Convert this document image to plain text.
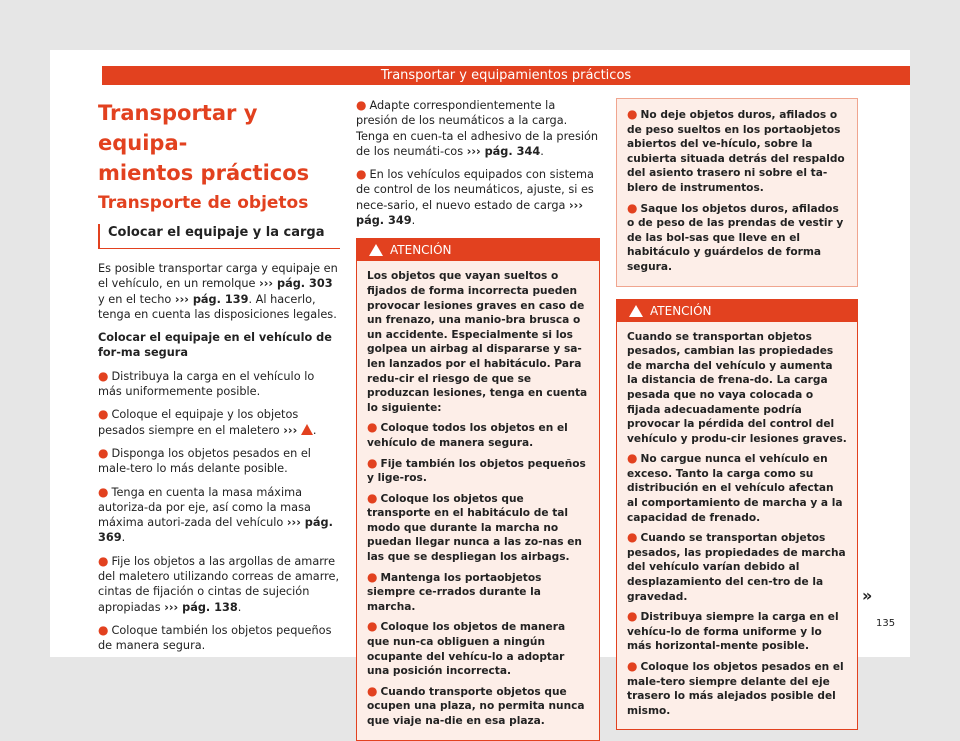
Transportar y equipamientos prácticos
Transportar y equipa-
mientos prácticos
Transporte de objetos
Colocar el equipaje y la carga

Es posible transportar carga y equipaje en el vehículo, en un remolque ››› pág. 303 y en el techo ››› pág. 139. Al hacerlo, tenga en cuenta las disposiciones legales.

Colocar el equipaje en el vehículo de for-ma segura

● Distribuya la carga en el vehículo lo más uniformemente posible.

● Coloque el equipaje y los objetos pesados siempre en el maletero ››› .

● Disponga los objetos pesados en el male-tero lo más delante posible.

● Tenga en cuenta la masa máxima autoriza-da por eje, así como la masa máxima autori-zada del vehículo ››› pág. 369.

● Fije los objetos a las argollas de amarre del maletero utilizando correas de amarre, cintas de fijación o cintas de sujeción apropiadas ››› pág. 138.

● Coloque también los objetos pequeños de manera segura.

● Adapte correspondientemente la presión de los neumáticos a la carga. Tenga en cuen-ta el adhesivo de la presión de los neumáti-cos ››› pág. 344.

● En los vehículos equipados con sistema de control de los neumáticos, ajuste, si es nece-sario, el nuevo estado de carga ››› pág. 349.

ATENCIÓN

Los objetos que vayan sueltos o fijados de forma incorrecta pueden provocar lesiones graves en caso de un frenazo, una manio-bra brusca o un accidente. Especialmente si los golpea un airbag al dispararse y sa-len lanzados por el habitáculo. Para redu-cir el riesgo de que se produzcan lesiones, tenga en cuenta lo siguiente:

● Coloque todos los objetos en el vehículo de manera segura.

● Fije también los objetos pequeños y lige-ros.

● Coloque los objetos que transporte en el habitáculo de tal modo que durante la marcha no puedan llegar nunca a las zo-nas en las que se despliegan los airbags.

● Mantenga los portaobjetos siempre ce-rrados durante la marcha.

● Coloque los objetos de manera que nun-ca obliguen a ningún ocupante del vehícu-lo a adoptar una posición incorrecta.

● Cuando transporte objetos que ocupen una plaza, no permita nunca que viaje na-die en esa plaza.

● No deje objetos duros, afilados o de peso sueltos en los portaobjetos abiertos del ve-hículo, sobre la cubierta situada detrás del respaldo del asiento trasero ni sobre el ta-blero de instrumentos.

● Saque los objetos duros, afilados o de peso de las prendas de vestir y de las bol-sas que lleve en el habitáculo y guárdelos de forma segura.

ATENCIÓN

Cuando se transportan objetos pesados, cambian las propiedades de marcha del vehículo y aumenta la distancia de frena-do. La carga pesada que no vaya colocada o fijada adecuadamente podría provocar la pérdida del control del vehículo y produ-cir lesiones graves.

● No cargue nunca el vehículo en exceso. Tanto la carga como su distribución en el vehículo afectan al comportamiento de marcha y a la capacidad de frenado.

● Cuando se transportan objetos pesados, las propiedades de marcha del vehículo varían debido al desplazamiento del cen-tro de la gravedad.

● Distribuya siempre la carga en el vehícu-lo de forma uniforme y lo más horizontal-mente posible.

● Coloque los objetos pesados en el male-tero siempre delante del eje trasero lo más alejados posible del mismo.

»
135
